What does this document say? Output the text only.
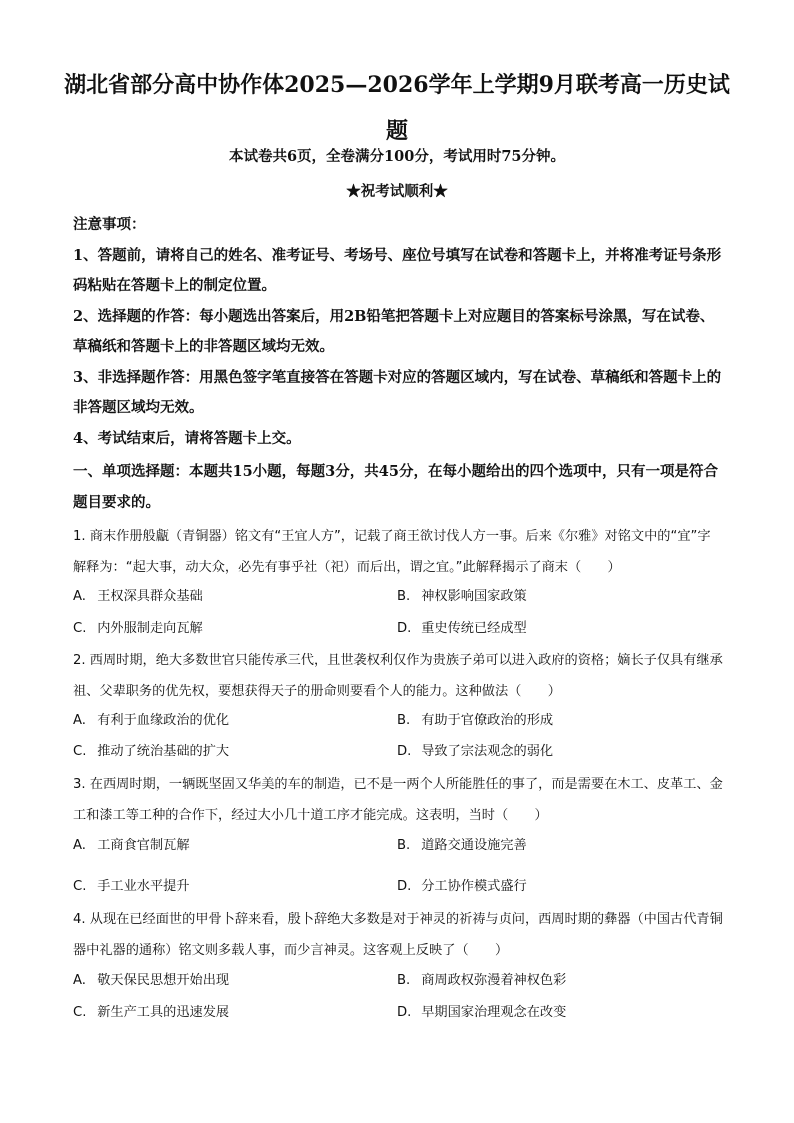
湖北省部分高中协作体2025—2026学年上学期9月联考高一历史试题
本试卷共6页，全卷满分100分，考试用时75分钟。
★祝考试顺利★

注意事项：

1、答题前，请将自己的姓名、准考证号、考场号、座位号填写在试卷和答题卡上，并将准考证号条形码粘贴在答题卡上的制定位置。

2、选择题的作答：每小题选出答案后，用2B铅笔把答题卡上对应题目的答案标号涂黑，写在试卷、草稿纸和答题卡上的非答题区域均无效。

3、非选择题作答：用黑色签字笔直接答在答题卡对应的答题区域内，写在试卷、草稿纸和答题卡上的非答题区域均无效。

4、考试结束后，请将答题卡上交。

一、单项选择题：本题共15小题，每题3分，共45分，在每小题给出的四个选项中，只有一项是符合题目要求的。

1. 商末作册般甗（青铜器）铭文有“王宜人方”，记载了商王欲讨伐人方一事。后来《尔雅》对铭文中的“宜”字解释为：“起大事，动大众，必先有事乎社（祀）而后出，谓之宜。”此解释揭示了商末（　　）

A. 王权深具群众基础	B. 神权影响国家政策
C. 内外服制走向瓦解	D. 重史传统已经成型

2. 西周时期，绝大多数世官只能传承三代，且世袭权利仅作为贵族子弟可以进入政府的资格；嫡长子仅具有继承祖、父辈职务的优先权，要想获得天子的册命则要看个人的能力。这种做法（　　）

A. 有利于血缘政治的优化	B. 有助于官僚政治的形成
C. 推动了统治基础的扩大	D. 导致了宗法观念的弱化

3. 在西周时期，一辆既坚固又华美的车的制造，已不是一两个人所能胜任的事了，而是需要在木工、皮革工、金工和漆工等工种的合作下，经过大小几十道工序才能完成。这表明，当时（　　）

A. 工商食官制瓦解	B. 道路交通设施完善
C. 手工业水平提升	D. 分工协作模式盛行

4. 从现在已经面世的甲骨卜辞来看，殷卜辞绝大多数是对于神灵的祈祷与贞问，西周时期的彝器（中国古代青铜器中礼器的通称）铭文则多载人事，而少言神灵。这客观上反映了（　　）

A. 敬天保民思想开始出现	B. 商周政权弥漫着神权色彩
C. 新生产工具的迅速发展	D. 早期国家治理观念在改变
